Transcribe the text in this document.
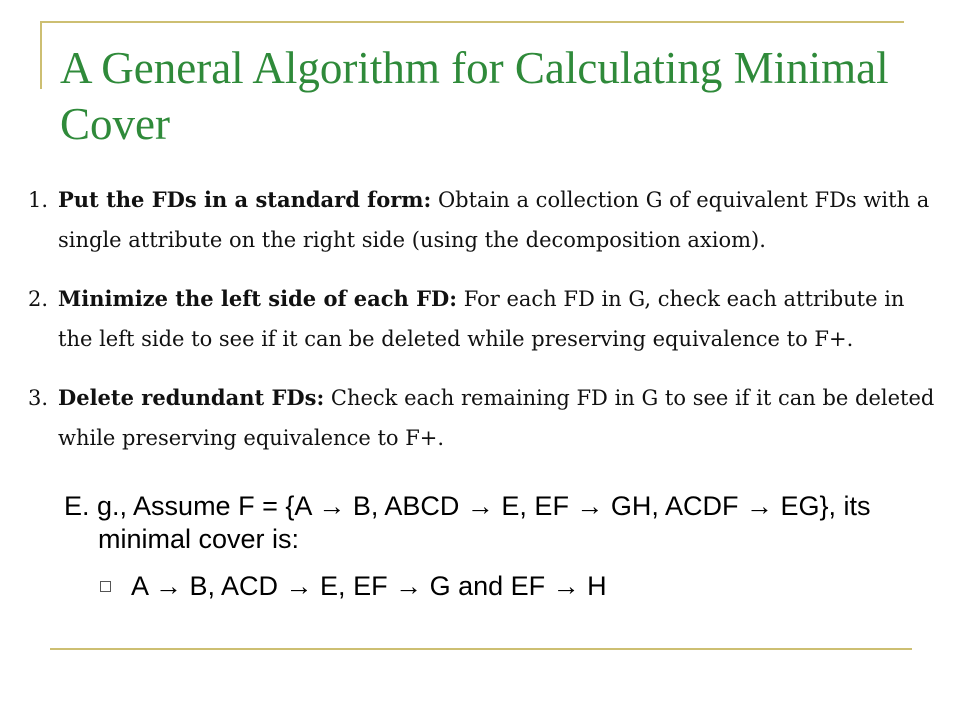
A General Algorithm for Calculating Minimal Cover
1. Put the FDs in a standard form: Obtain a collection G of equivalent FDs with a single attribute on the right side (using the decomposition axiom).
2. Minimize the left side of each FD: For each FD in G, check each attribute in the left side to see if it can be deleted while preserving equivalence to F+.
3. Delete redundant FDs: Check each remaining FD in G to see if it can be deleted while preserving equivalence to F+.
E. g., Assume F = {A → B, ABCD → E, EF → GH, ACDF → EG}, its minimal cover is:
A → B, ACD → E, EF → G and EF → H
